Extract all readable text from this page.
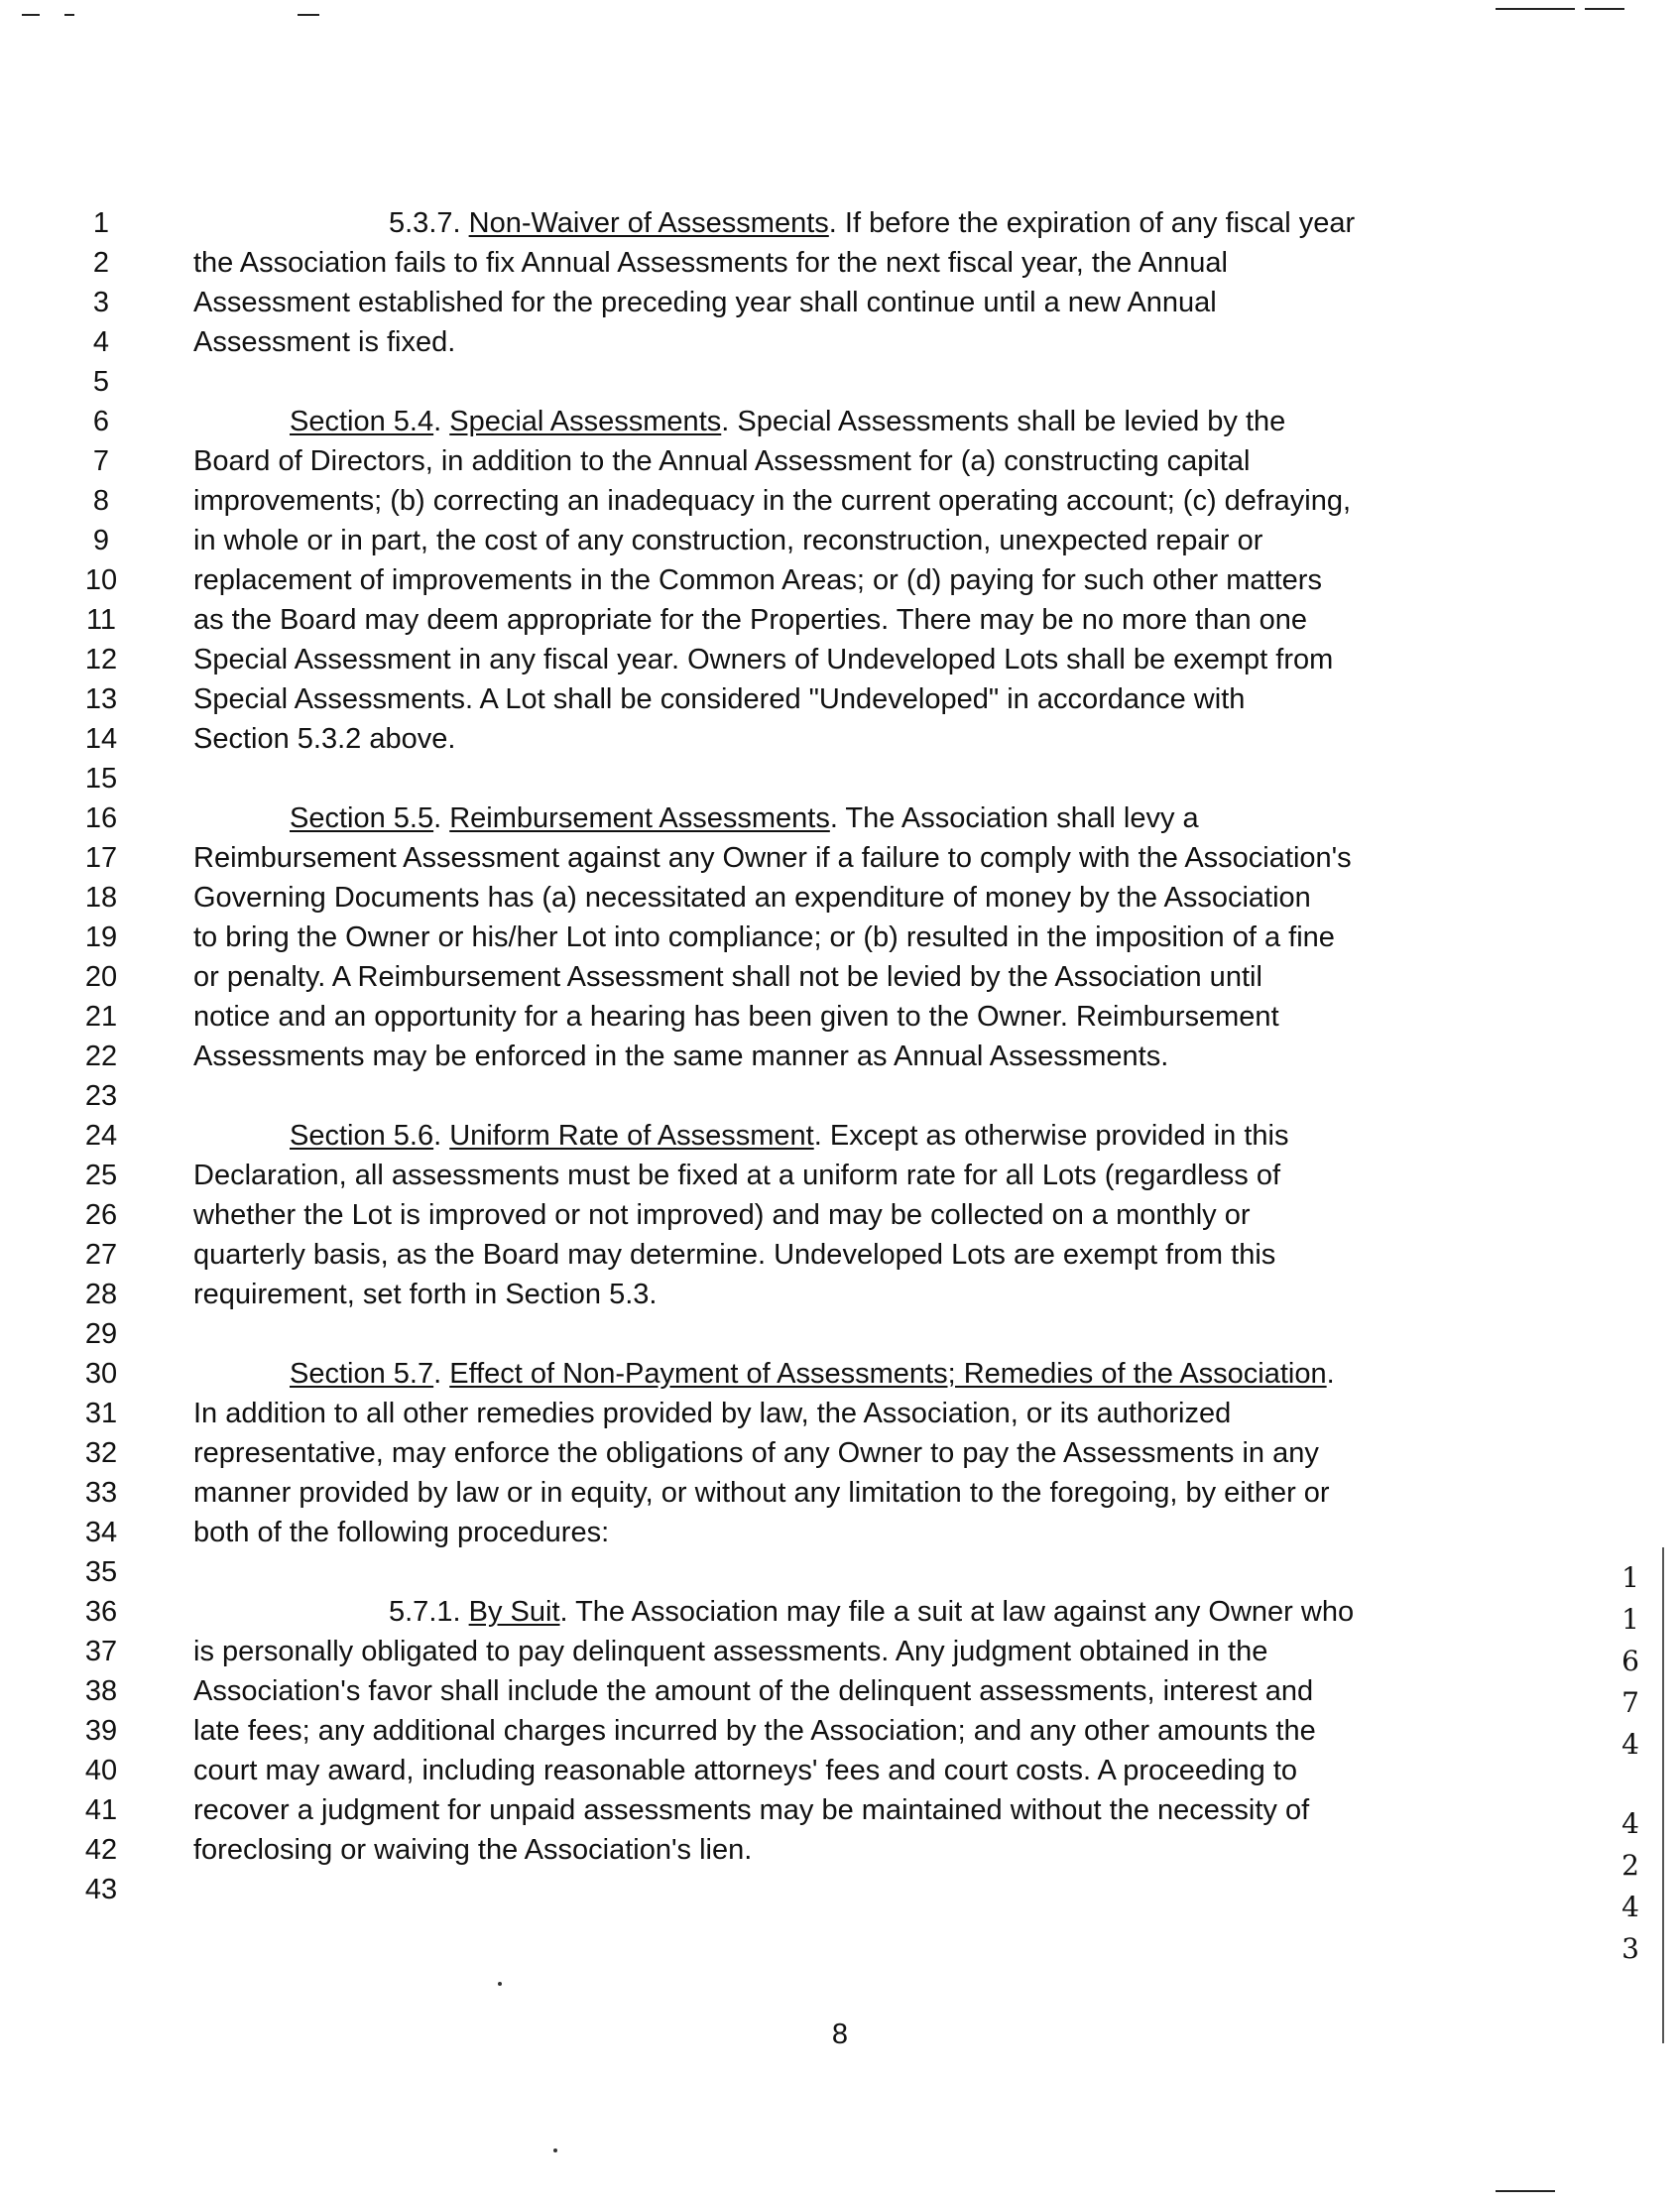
1
2
3
4
5
6
7
8
9
10
11
12
13
14
15
16
17
18
19
20
21
22
23
24
25
26
27
28
29
30
31
32
33
34
35
36
37
38
39
40
41
42
43
5.3.7. Non-Waiver of Assessments. If before the expiration of any fiscal year
the Association fails to fix Annual Assessments for the next fiscal year, the Annual
Assessment established for the preceding year shall continue until a new Annual
Assessment is fixed.
Section 5.4. Special Assessments. Special Assessments shall be levied by the
Board of Directors, in addition to the Annual Assessment for (a) constructing capital
improvements; (b) correcting an inadequacy in the current operating account; (c) defraying,
in whole or in part, the cost of any construction, reconstruction, unexpected repair or
replacement of improvements in the Common Areas; or (d) paying for such other matters
as the Board may deem appropriate for the Properties. There may be no more than one
Special Assessment in any fiscal year. Owners of Undeveloped Lots shall be exempt from
Special Assessments. A Lot shall be considered "Undeveloped" in accordance with
Section 5.3.2 above.
Section 5.5. Reimbursement Assessments. The Association shall levy a
Reimbursement Assessment against any Owner if a failure to comply with the Association's
Governing Documents has (a) necessitated an expenditure of money by the Association
to bring the Owner or his/her Lot into compliance; or (b) resulted in the imposition of a fine
or penalty. A Reimbursement Assessment shall not be levied by the Association until
notice and an opportunity for a hearing has been given to the Owner. Reimbursement
Assessments may be enforced in the same manner as Annual Assessments.
Section 5.6. Uniform Rate of Assessment. Except as otherwise provided in this
Declaration, all assessments must be fixed at a uniform rate for all Lots (regardless of
whether the Lot is improved or not improved) and may be collected on a monthly or
quarterly basis, as the Board may determine. Undeveloped Lots are exempt from this
requirement, set forth in Section 5.3.
Section 5.7. Effect of Non-Payment of Assessments; Remedies of the Association.
In addition to all other remedies provided by law, the Association, or its authorized
representative, may enforce the obligations of any Owner to pay the Assessments in any
manner provided by law or in equity, or without any limitation to the foregoing, by either or
both of the following procedures:
5.7.1. By Suit. The Association may file a suit at law against any Owner who
is personally obligated to pay delinquent assessments. Any judgment obtained in the
Association's favor shall include the amount of the delinquent assessments, interest and
late fees; any additional charges incurred by the Association; and any other amounts the
court may award, including reasonable attorneys' fees and court costs. A proceeding to
recover a judgment for unpaid assessments may be maintained without the necessity of
foreclosing or waiving the Association's lien.
8
1
1
6
7
4
4
2
4
3
